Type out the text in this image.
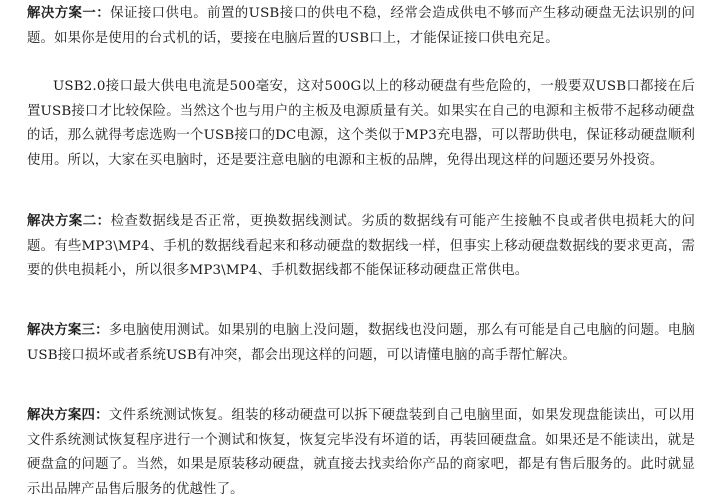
解决方案一：保证接口供电。前置的USB接口的供电不稳，经常会造成供电不够而产生移动硬盘无法识别的问题。如果你是使用的台式机的话，要接在电脑后置的USB口上，才能保证接口供电充足。

USB2.0接口最大供电电流是500毫安，这对500G以上的移动硬盘有些危险的，一般要双USB口都接在后置USB接口才比较保险。当然这个也与用户的主板及电源质量有关。如果实在自己的电源和主板带不起移动硬盘的话，那么就得考虑选购一个USB接口的DC电源，这个类似于MP3充电器，可以帮助供电，保证移动硬盘顺利使用。所以，大家在买电脑时，还是要注意电脑的电源和主板的品牌，免得出现这样的问题还要另外投资。

解决方案二：检查数据线是否正常，更换数据线测试。劣质的数据线有可能产生接触不良或者供电损耗大的问题。有些MP3\MP4、手机的数据线看起来和移动硬盘的数据线一样，但事实上移动硬盘数据线的要求更高，需要的供电损耗小，所以很多MP3\MP4、手机数据线都不能保证移动硬盘正常供电。

解决方案三：多电脑使用测试。如果别的电脑上没问题，数据线也没问题，那么有可能是自己电脑的问题。电脑USB接口损坏或者系统USB有冲突，都会出现这样的问题，可以请懂电脑的高手帮忙解决。

解决方案四：文件系统测试恢复。组装的移动硬盘可以拆下硬盘装到自己电脑里面，如果发现盘能读出，可以用文件系统测试恢复程序进行一个测试和恢复，恢复完毕没有坏道的话，再装回硬盘盒。如果还是不能读出，就是硬盘盒的问题了。当然，如果是原装移动硬盘，就直接去找卖给你产品的商家吧，都是有售后服务的。此时就显示出品牌产品售后服务的优越性了。
